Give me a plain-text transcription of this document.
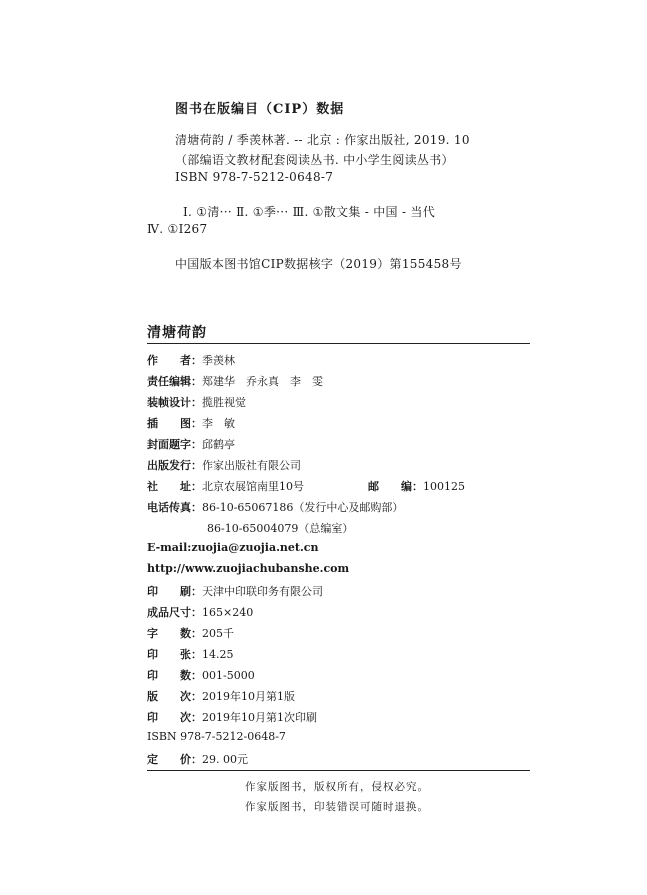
图书在版编目（CIP）数据
清塘荷韵 / 季羡林著. -- 北京 : 作家出版社, 2019. 10
（部编语文教材配套阅读丛书. 中小学生阅读丛书）
ISBN 978-7-5212-0648-7
Ⅰ. ①清··· Ⅱ. ①季··· Ⅲ. ①散文集 - 中国 - 当代
Ⅳ. ①I267
中国版本图书馆CIP数据核字（2019）第155458号
清塘荷韵
作　　者：季羡林
责任编辑：郑建华　乔永真　李　雯
装帧设计：揽胜视觉
插　　图：李　敏
封面题字：邱鹤亭
出版发行：作家出版社有限公司
社　　址：北京农展馆南里10号	邮　　编：100125
电话传真：86-10-65067186（发行中心及邮购部）
86-10-65004079（总编室）
E-mail:zuojia@zuojia.net.cn
http://www.zuojiachubanshe.com
印　　刷：天津中印联印务有限公司
成品尺寸：165×240
字　　数：205千
印　　张：14.25
印　　数：001-5000
版　　次：2019年10月第1版
印　　次：2019年10月第1次印刷
ISBN 978-7-5212-0648-7
定　　价：29. 00元
作家版图书，版权所有，侵权必究。
作家版图书，印装错误可随时退换。
